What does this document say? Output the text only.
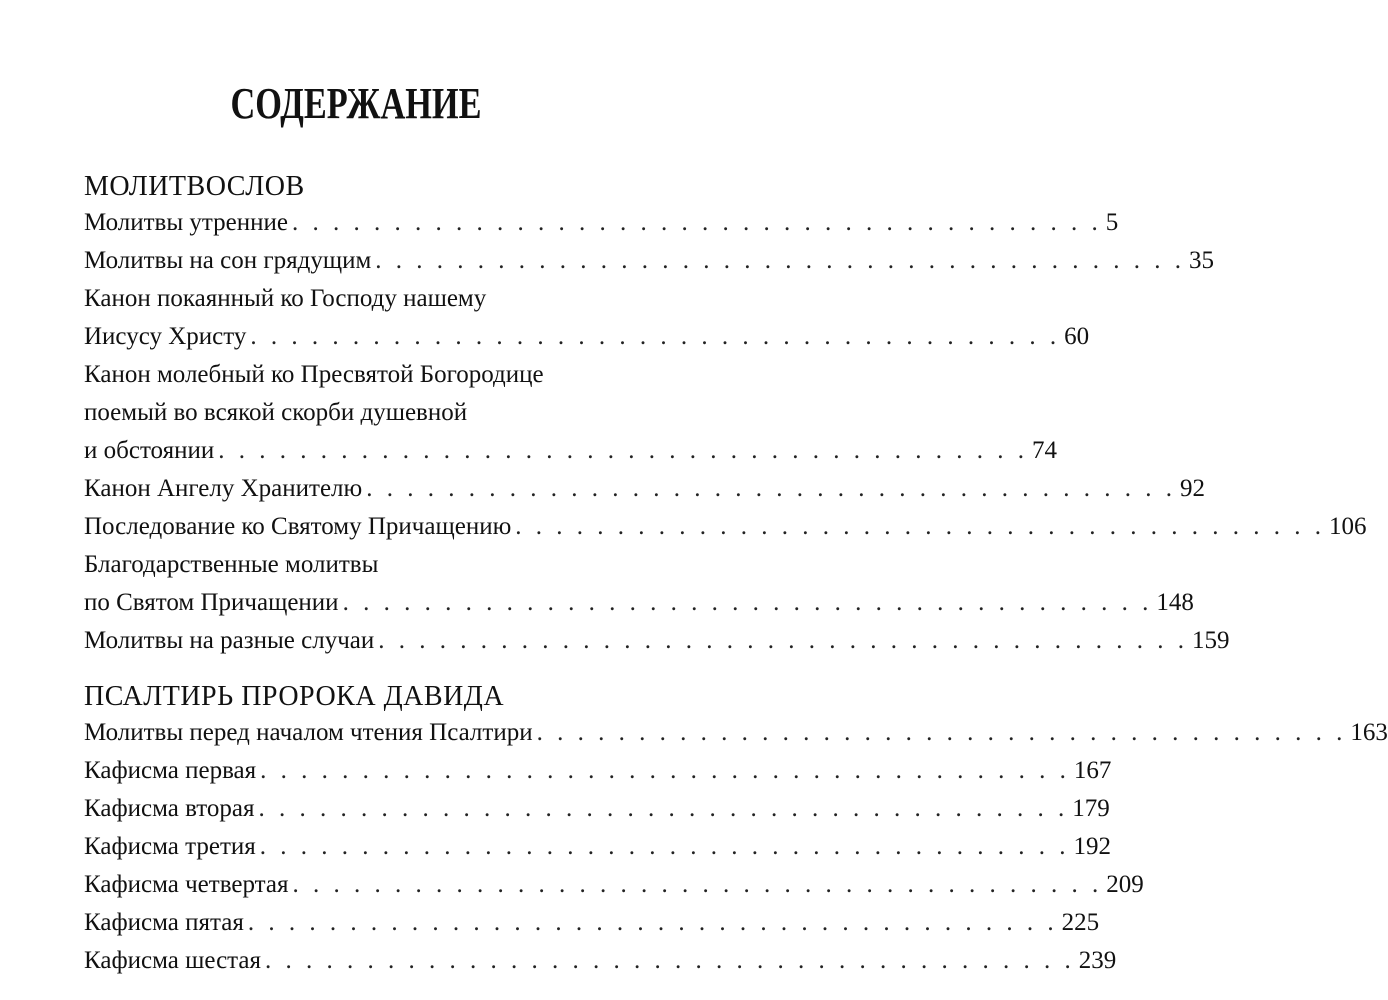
СОДЕРЖАНИЕ
МОЛИТВОСЛОВ
Молитвы утренние . . . . . . . . . . . . . . . . . . . . . . . . . . . . . . . . . . . . . . . . 5
Молитвы на сон грядущим . . . . . . . . . . . . . . . . . . . . . . . . . . . . . . . . . . . . . . . . 35
Канон покаянный ко Господу нашему
Иисусу Христу . . . . . . . . . . . . . . . . . . . . . . . . . . . . . . . . . . . . . . . . 60
Канон молебный ко Пресвятой Богородице
поемый во всякой скорби душевной
и обстоянии . . . . . . . . . . . . . . . . . . . . . . . . . . . . . . . . . . . . . . . . 74
Канон Ангелу Хранителю . . . . . . . . . . . . . . . . . . . . . . . . . . . . . . . . . . . . . . . . 92
Последование ко Святому Причащению . . . . . . . . . . . . . . . . . . . . . . . . . . . . . . . . . . . . . . . . 106
Благодарственные молитвы
по Святом Причащении . . . . . . . . . . . . . . . . . . . . . . . . . . . . . . . . . . . . . . . . 148
Молитвы на разные случаи . . . . . . . . . . . . . . . . . . . . . . . . . . . . . . . . . . . . . . . . 159
ПСАЛТИРЬ ПРОРОКА ДАВИДА
Молитвы перед началом чтения Псалтири . . . . . . . . . . . . . . . . . . . . . . . . . . . . . . . . . . . . . . . . 163
Кафисма первая . . . . . . . . . . . . . . . . . . . . . . . . . . . . . . . . . . . . . . . . 167
Кафисма вторая . . . . . . . . . . . . . . . . . . . . . . . . . . . . . . . . . . . . . . . . 179
Кафисма третия . . . . . . . . . . . . . . . . . . . . . . . . . . . . . . . . . . . . . . . . 192
Кафисма четвертая . . . . . . . . . . . . . . . . . . . . . . . . . . . . . . . . . . . . . . . . 209
Кафисма пятая . . . . . . . . . . . . . . . . . . . . . . . . . . . . . . . . . . . . . . . . 225
Кафисма шестая . . . . . . . . . . . . . . . . . . . . . . . . . . . . . . . . . . . . . . . . 239
